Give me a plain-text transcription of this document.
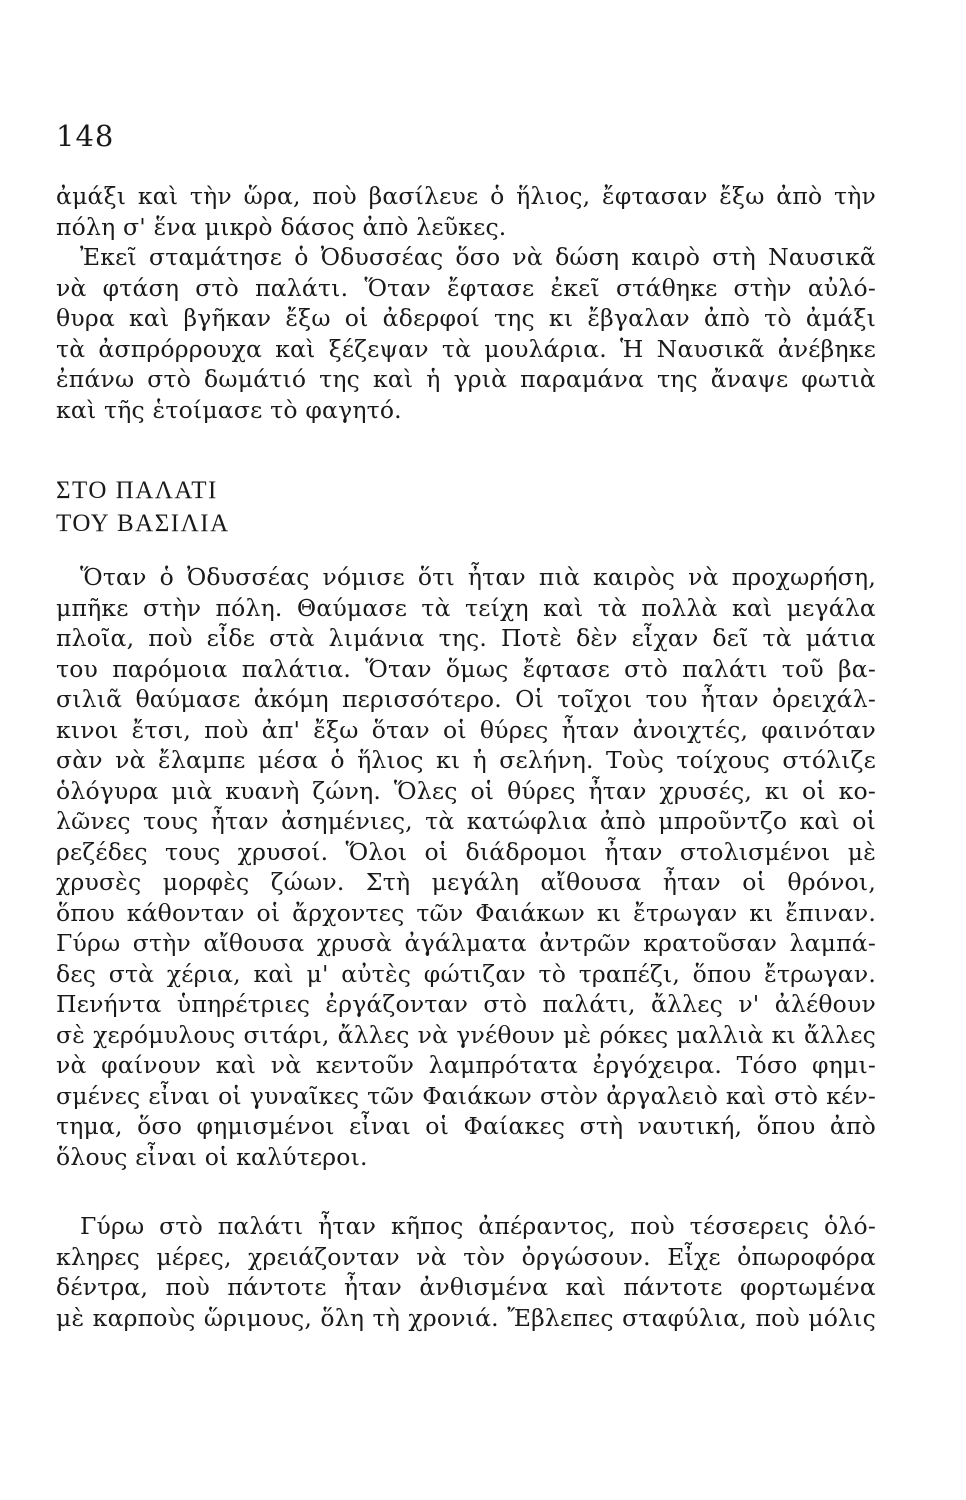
148
ἀμάξι καὶ τὴν ὥρα, ποὺ βασίλευε ὁ ἥλιος, ἔφτασαν ἔξω ἀπὸ τὴν
πόλη σ' ἕνα μικρὸ δάσος ἀπὸ λεῦκες.
Ἐκεῖ σταμάτησε ὁ Ὀδυσσέας ὅσο νὰ δώση καιρὸ στὴ Ναυσικᾶ
νὰ φτάση στὸ παλάτι. Ὅταν ἔφτασε ἐκεῖ στάθηκε στὴν αὐλό-
θυρα καὶ βγῆκαν ἔξω οἱ ἀδερφοί της κι ἔβγαλαν ἀπὸ τὸ ἀμάξι
τὰ ἀσπρόρρουχα καὶ ξέζεψαν τὰ μουλάρια. Ἡ Ναυσικᾶ ἀνέβηκε
ἐπάνω στὸ δωμάτιό της καὶ ἡ γριὰ παραμάνα της ἄναψε φωτιὰ
καὶ τῆς ἑτοίμασε τὸ φαγητό.
ΣΤΟ ΠΑΛΑΤΙ
ΤΟΥ ΒΑΣΙΛΙΑ
Ὅταν ὁ Ὀδυσσέας νόμισε ὅτι ἦταν πιὰ καιρὸς νὰ προχωρήση,
μπῆκε στὴν πόλη. Θαύμασε τὰ τείχη καὶ τὰ πολλὰ καὶ μεγάλα
πλοῖα, ποὺ εἶδε στὰ λιμάνια της. Ποτὲ δὲν εἶχαν δεῖ τὰ μάτια
του παρόμοια παλάτια. Ὅταν ὅμως ἔφτασε στὸ παλάτι τοῦ βα-
σιλιᾶ θαύμασε ἀκόμη περισσότερο. Οἱ τοῖχοι του ἦταν ὀρειχάλ-
κινοι ἔτσι, ποὺ ἀπ' ἔξω ὅταν οἱ θύρες ἦταν ἀνοιχτές, φαινόταν
σὰν νὰ ἔλαμπε μέσα ὁ ἥλιος κι ἡ σελήνη. Τοὺς τοίχους στόλιζε
ὁλόγυρα μιὰ κυανὴ ζώνη. Ὅλες οἱ θύρες ἦταν χρυσές, κι οἱ κο-
λῶνες τους ἦταν ἀσημένιες, τὰ κατώφλια ἀπὸ μπροῦντζο καὶ οἱ
ρεζέδες τους χρυσοί. Ὅλοι οἱ διάδρομοι ἦταν στολισμένοι μὲ
χρυσὲς μορφὲς ζώων. Στὴ μεγάλη αἴθουσα ἦταν οἱ θρόνοι,
ὅπου κάθονταν οἱ ἄρχοντες τῶν Φαιάκων κι ἔτρωγαν κι ἔπιναν.
Γύρω στὴν αἴθουσα χρυσὰ ἀγάλματα ἀντρῶν κρατοῦσαν λαμπά-
δες στὰ χέρια, καὶ μ' αὐτὲς φώτιζαν τὸ τραπέζι, ὅπου ἔτρωγαν.
Πενήντα ὑπηρέτριες ἐργάζονταν στὸ παλάτι, ἄλλες ν' ἀλέθουν
σὲ χερόμυλους σιτάρι, ἄλλες νὰ γνέθουν μὲ ρόκες μαλλιὰ κι ἄλλες
νὰ φαίνουν καὶ νὰ κεντοῦν λαμπρότατα ἐργόχειρα. Τόσο φημι-
σμένες εἶναι οἱ γυναῖκες τῶν Φαιάκων στὸν ἀργαλειὸ καὶ στὸ κέν-
τημα, ὅσο φημισμένοι εἶναι οἱ Φαίακες στὴ ναυτική, ὅπου ἀπὸ
ὅλους εἶναι οἱ καλύτεροι.
Γύρω στὸ παλάτι ἦταν κῆπος ἀπέραντος, ποὺ τέσσερεις ὁλό-
κληρες μέρες, χρειάζονταν νὰ τὸν ὀργώσουν. Εἶχε ὀπωροφόρα
δέντρα, ποὺ πάντοτε ἦταν ἀνθισμένα καὶ πάντοτε φορτωμένα
μὲ καρποὺς ὥριμους, ὅλη τὴ χρονιά. Ἔβλεπες σταφύλια, ποὺ μόλις
